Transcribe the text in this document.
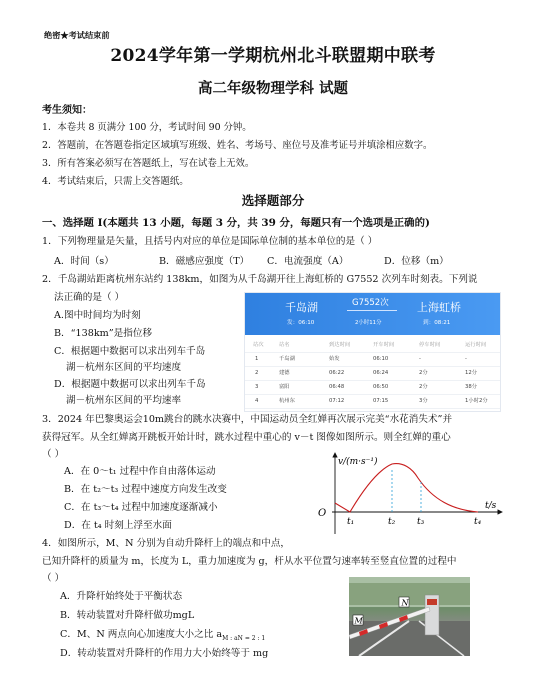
绝密★考试结束前
2024学年第一学期杭州北斗联盟期中联考
高二年级物理学科 试题
考生须知：
1．本卷共 8 页满分 100 分，考试时间 90 分钟。
2．答题前，在答题卷指定区域填写班级、姓名、考场号、座位号及准考证号并填涂相应数字。
3．所有答案必须写在答题纸上，写在试卷上无效。
4．考试结束后，只需上交答题纸。
选择题部分
一、选择题 I(本题共 13 小题，每题 3 分，共 39 分，每题只有一个选项是正确的)
1．下列物理量是矢量，且括号内对应的单位是国际单位制的基本单位的是（ ）
A．时间（s）	B．磁感应强度（T） C．电流强度（A）	D．位移（m）
2．千岛湖站距离杭州东站约 138km，如图为从千岛湖开往上海虹桥的 G7552 次列车时刻表。下列说
法正确的是（ ）
A.图中时间均为时刻
B．“138km”是指位移
C．根据题中数据可以求出列车千岛
湖－杭州东区间的平均速度
D．根据题中数据可以求出列车千岛
湖－杭州东区间的平均速率
千岛湖
发：06:10
G7552次
2小时11分
上海虹桥
到：08:21
站次	站名	到达时间	开车时间	停车时间	运行时间
1	千岛湖	始发	06:10	-	-
2	建德	06:22	06:24	2分	12分
3	富阳	06:48	06:50	2分	38分
4	杭州东	07:12	07:15	3分	1小时2分
3．2024 年巴黎奥运会10m跳台的跳水决赛中，中国运动员全红婵再次展示完美“水花消失术”并
获得冠军。从全红婵离开跳板开始计时，跳水过程中重心的 v－t 图像如图所示。则全红婵的重心
（ ）
A．在 0～t₁ 过程中作自由落体运动
B．在 t₂～t₃ 过程中速度方向发生改变
C．在 t₃～t₄ 过程中加速度逐渐减小
D．在 t₄ 时刻上浮至水面
v/(m·s⁻¹)
t/s
O
t₁	t₂ t₃	t₄
4．如图所示，M、N 分别为自动升降杆上的端点和中点，
已知升降杆的质量为 m，长度为 L，重力加速度为 g，杆从水平位置匀速率转至竖直位置的过程中
（ ）
A．升降杆始终处于平衡状态
B．转动装置对升降杆做功mgL
C．M、N 两点向心加速度大小之比 $a_{M : aN = 2 : 1}$
D．转动装置对升降杆的作用力大小始终等于 mg
N
M
